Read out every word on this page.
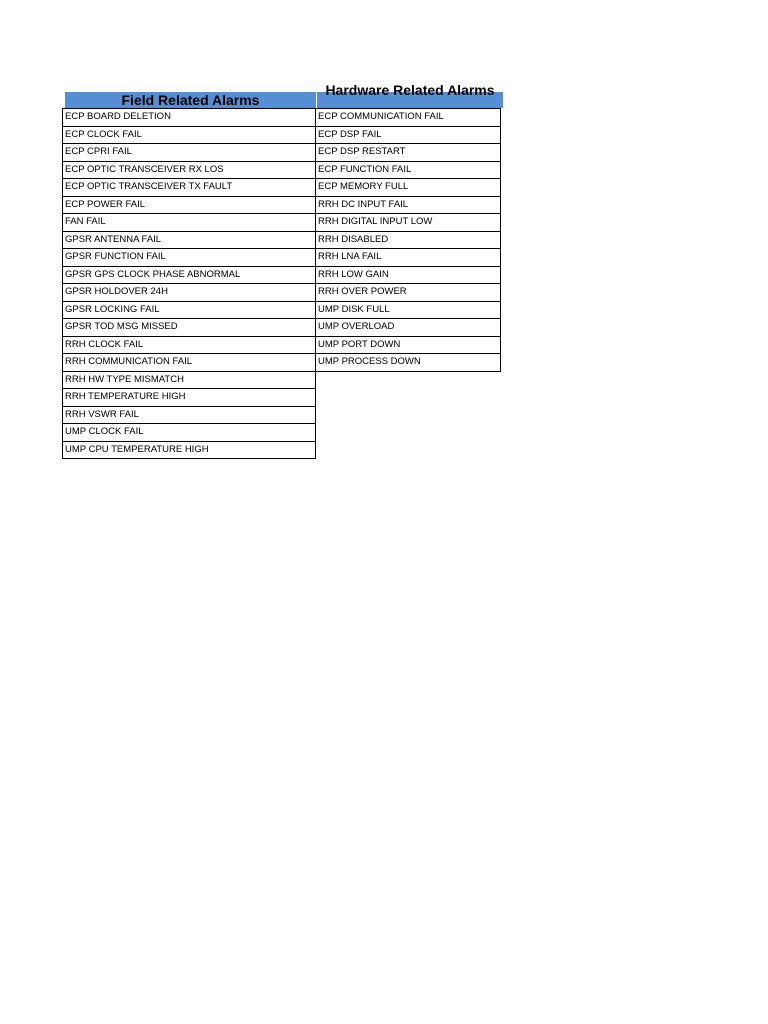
Field Related Alarms
ECP BOARD DELETION
ECP CLOCK FAIL
ECP CPRI FAIL
ECP OPTIC TRANSCEIVER RX LOS
ECP OPTIC TRANSCEIVER TX FAULT
ECP POWER FAIL
FAN FAIL
GPSR ANTENNA FAIL
GPSR FUNCTION FAIL
GPSR GPS CLOCK PHASE ABNORMAL
GPSR HOLDOVER 24H
GPSR LOCKING FAIL
GPSR TOD MSG MISSED
RRH CLOCK FAIL
RRH COMMUNICATION FAIL
RRH HW TYPE MISMATCH
RRH TEMPERATURE HIGH
RRH VSWR FAIL
UMP CLOCK FAIL
UMP CPU TEMPERATURE HIGH
Hardware Related Alarms
ECP COMMUNICATION FAIL
ECP DSP FAIL
ECP DSP RESTART
ECP FUNCTION FAIL
ECP MEMORY FULL
RRH DC INPUT FAIL
RRH DIGITAL INPUT LOW
RRH DISABLED
RRH LNA FAIL
RRH LOW GAIN
RRH OVER POWER
UMP DISK FULL
UMP OVERLOAD
UMP PORT DOWN
UMP PROCESS DOWN
